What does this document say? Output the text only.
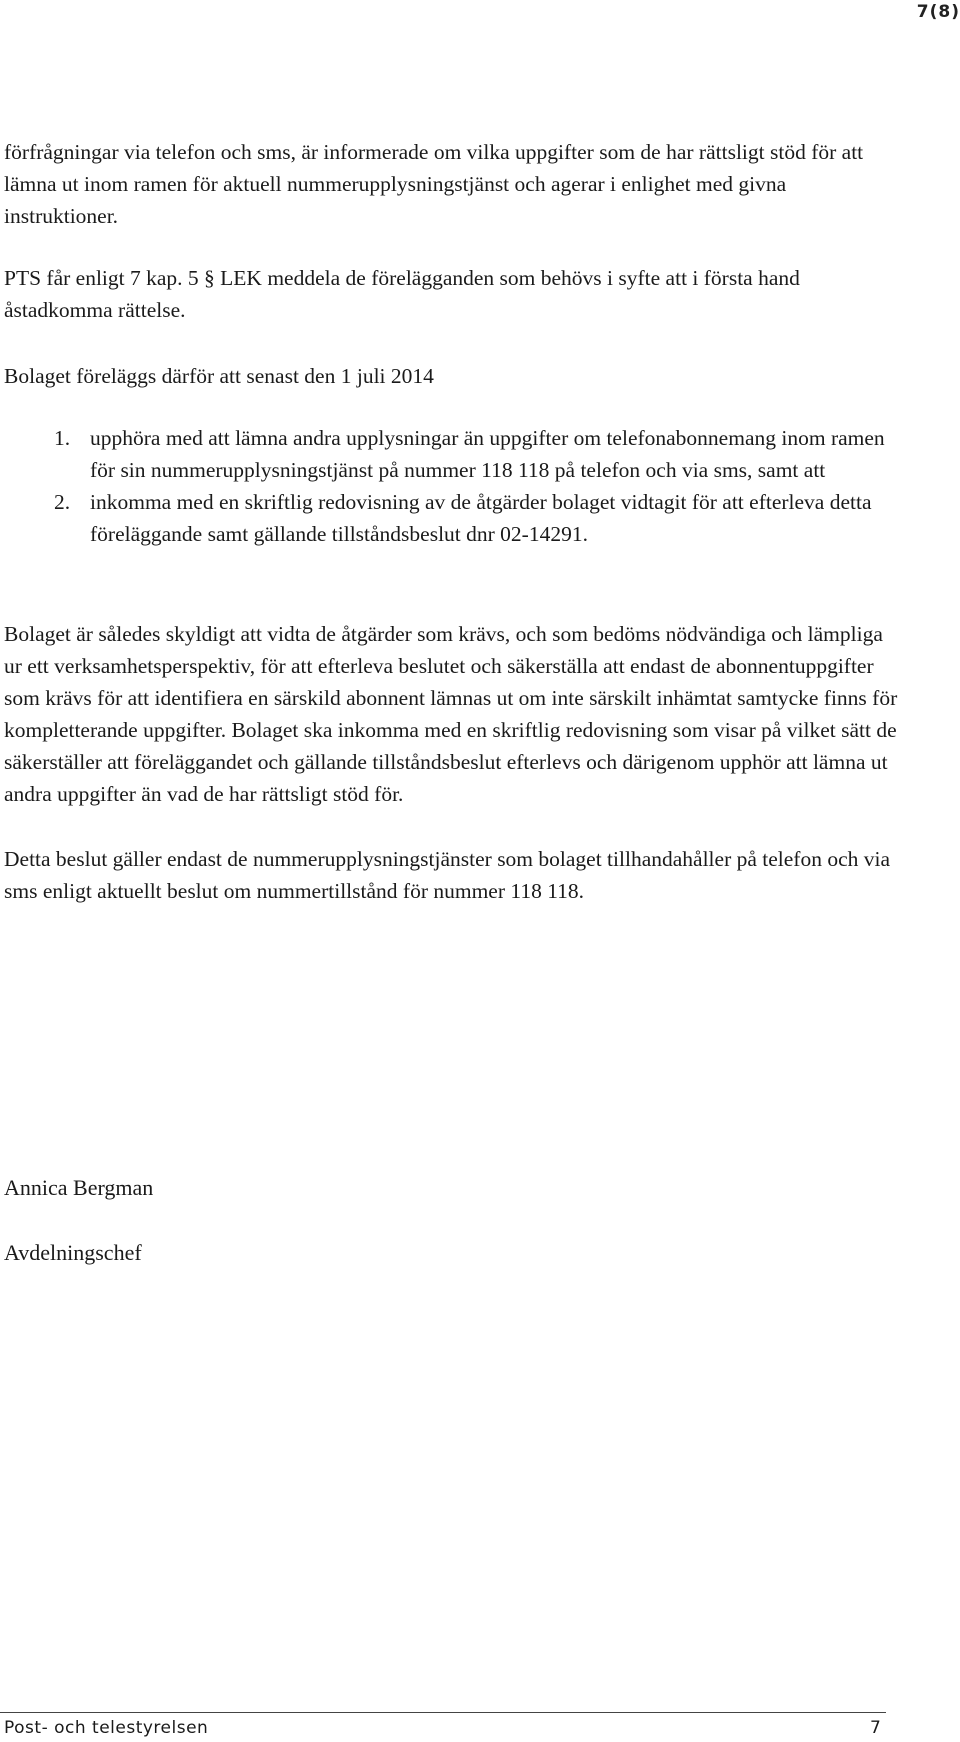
7(8)

förfrågningar via telefon och sms, är informerade om vilka uppgifter som de har rättsligt stöd för att lämna ut inom ramen för aktuell nummerupplysningstjänst och agerar i enlighet med givna instruktioner.

PTS får enligt 7 kap. 5 § LEK meddela de förelägganden som behövs i syfte att i första hand åstadkomma rättelse.

Bolaget föreläggs därför att senast den 1 juli 2014

1. upphöra med att lämna andra upplysningar än uppgifter om telefonabonnemang inom ramen för sin nummerupplysningstjänst på nummer 118 118 på telefon och via sms, samt att
2. inkomma med en skriftlig redovisning av de åtgärder bolaget vidtagit för att efterleva detta föreläggande samt gällande tillståndsbeslut dnr 02-14291.

Bolaget är således skyldigt att vidta de åtgärder som krävs, och som bedöms nödvändiga och lämpliga ur ett verksamhetsperspektiv, för att efterleva beslutet och säkerställa att endast de abonnentuppgifter som krävs för att identifiera en särskild abonnent lämnas ut om inte särskilt inhämtat samtycke finns för kompletterande uppgifter. Bolaget ska inkomma med en skriftlig redovisning som visar på vilket sätt de säkerställer att föreläggandet och gällande tillståndsbeslut efterlevs och därigenom upphör att lämna ut andra uppgifter än vad de har rättsligt stöd för.

Detta beslut gäller endast de nummerupplysningstjänster som bolaget tillhandahåller på telefon och via sms enligt aktuellt beslut om nummertillstånd för nummer 118 118.

Annica Bergman
Avdelningschef
Post- och telestyrelsen	7
